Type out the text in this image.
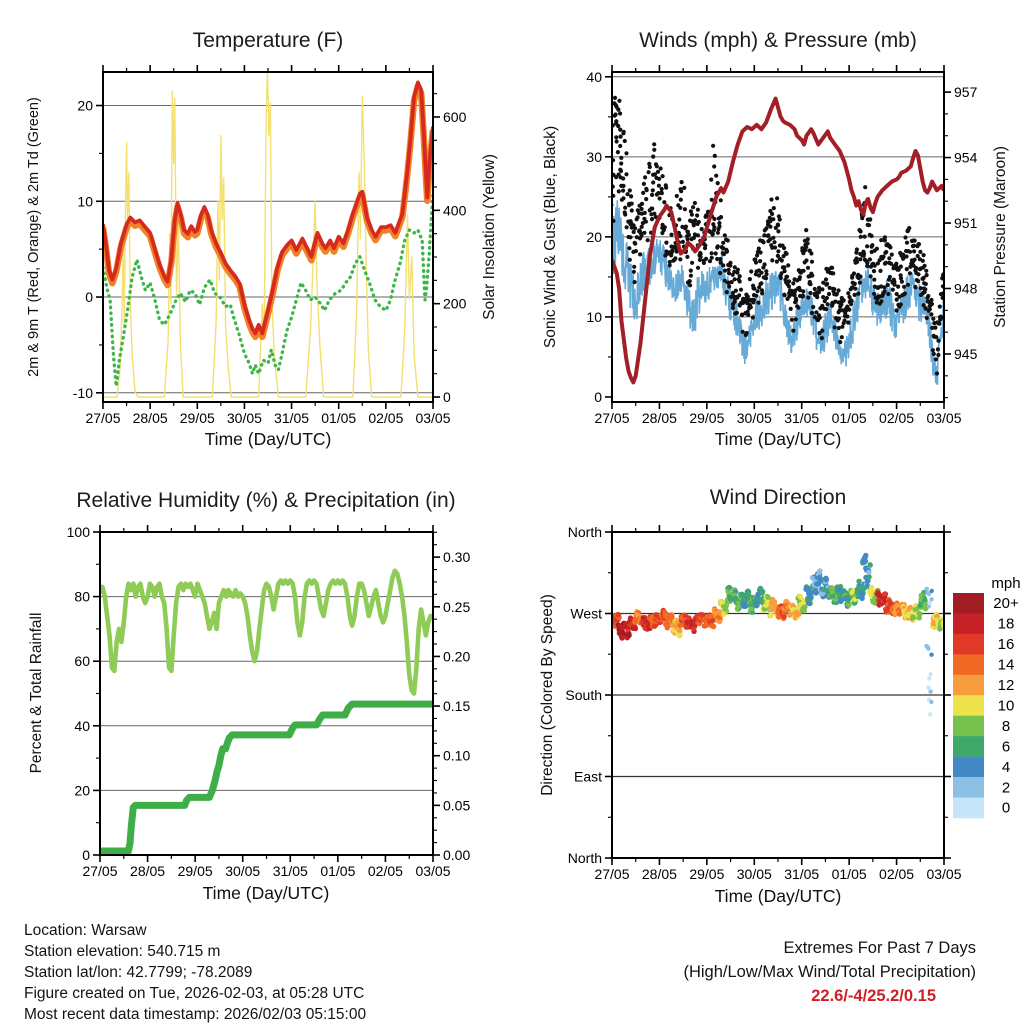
Temperature (F)	Winds (mph) & Pressure (mb)
Relative Humidity (%) & Precipitation (in)	Wind Direction
Time (Day/UTC)	Time (Day/UTC)
Time (Day/UTC)	Time (Day/UTC)
2m & 9m T (Red, Orange) & 2m Td (Green)	Solar Insolation (Yellow)	Sonic Wind & Gust (Blue, Black)	Station Pressure (Maroon)
Percent & Total Rainfall	Direction (Colored By Speed)
Location: Warsaw
Station elevation: 540.715 m
Station lat/lon: 42.7799; -78.2089
Figure created on Tue, 2026-02-03, at 05:28 UTC
Most recent data timestamp: 2026/02/03 05:15:00
Extremes For Past 7 Days
(High/Low/Max Wind/Total Precipitation)
22.6/-4/25.2/0.15
27/05 28/05 29/05 30/05 31/05 01/05 02/05 03/05
-10
0
10
20
0
200
400
600
27/05 28/05 29/05 30/05 31/05 01/05 02/05 03/05
0
10
20
30
40
945
948
951
954
957
27/05 28/05 29/05 30/05 31/05 01/05 02/05 03/05
0
20
40
60
80
100
0.00
0.05
0.10
0.15
0.20
0.25
0.30
27/05 28/05 29/05 30/05 31/05 01/05 02/05 03/05
North
East
South
West
North
mph
20+
18
16
14
12
10
8
6
4
2
0
